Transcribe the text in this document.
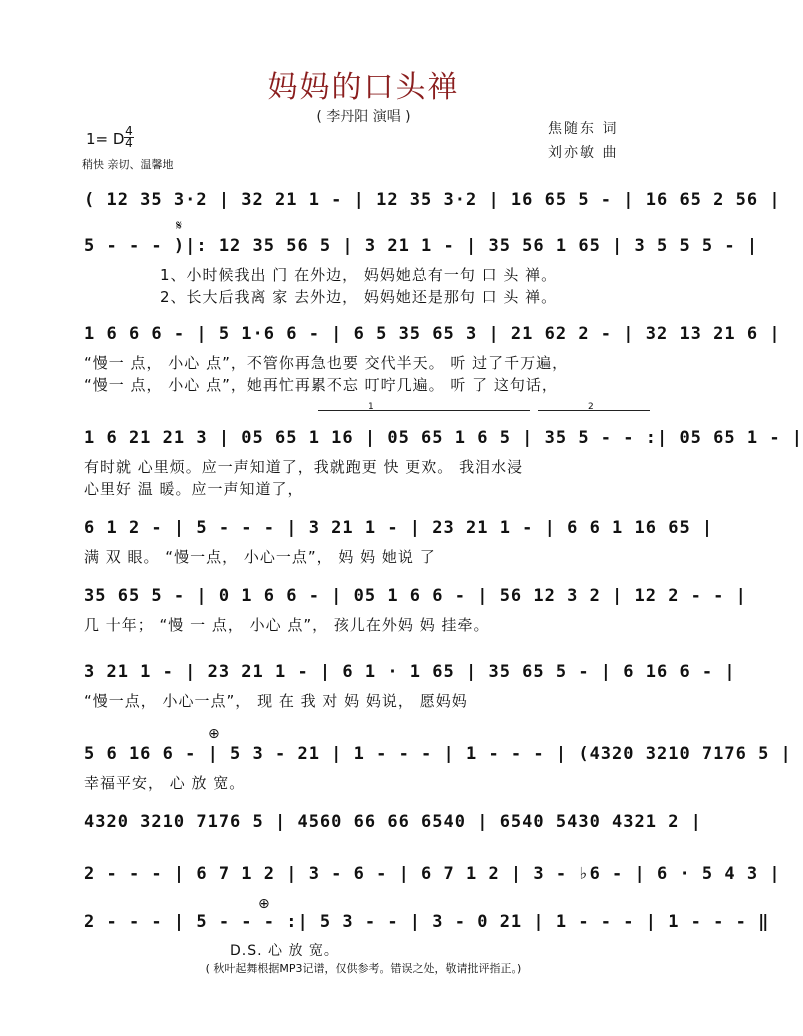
妈妈的口头禅
( 李丹阳 演唱 )
焦随东 词
刘亦敏 曲
1= D 4
4
稍快 亲切、温馨地
( 12 35 3·2 | 32 21 1 - | 12 35 3·2 | 16 65 5 - | 16 65 2 56 |
𝄋
5 - - - )|: 12 35 56 5 | 3 21 1 - | 35 56 1 65 | 3 5 5 5 - |
1、小时候我出 门 在外边， 妈妈她总有一句 口 头 禅。
2、长大后我离 家 去外边， 妈妈她还是那句 口 头 禅。
1 6 6 6 - | 5 1·6 6 - | 6 5 35 65 3 | 21 62 2 - | 32 13 21 6 |
“慢一 点， 小心 点”，不管你再急也要 交代半天。 听 过了千万遍，
“慢一 点， 小心 点”，她再忙再累不忘 叮咛几遍。 听 了 这句话，
1	2
1 6 21 21 3 | 05 65 1 16 | 05 65 1 6 5 | 35 5 - - :| 05 65 1 - |
有时就 心里烦。应一声知道了，我就跑更 快 更欢。 我泪水浸
心里好 温 暖。应一声知道了，
6 1 2 - | 5 - - - | 3 21 1 - | 23 21 1 - | 6 6 1 16 65 |
满 双 眼。 “慢一点， 小心一点”， 妈 妈 她说 了
35 65 5 - | 0 1 6 6 - | 05 1 6 6 - | 56 12 3 2 | 12 2 - - |
几 十年； “慢 一 点， 小心 点”， 孩儿在外妈 妈 挂牵。
3 21 1 - | 23 21 1 - | 6 1 · 1 65 | 35 65 5 - | 6 16 6 - |
“慢一点， 小心一点”， 现 在 我 对 妈 妈说， 愿妈妈
⊕
5 6 16 6 - | 5 3 - 21 | 1 - - - | 1 - - - | (4320 3210 7176 5 |
幸福平安， 心 放 宽。
4320 3210 7176 5 | 4560 66 66 6540 | 6540 5430 4321 2 |
2 - - - | 6 7 1 2 | 3 - 6 - | 6 7 1 2 | 3 - ♭6 - | 6 · 5 4 3 |
⊕
2 - - - | 5 - - - :| 5 3 - - | 3 - 0 21 | 1 - - - | 1 - - - ‖
D.S. 心 放 宽。
( 秋叶起舞根据MP3记谱，仅供参考。错误之处，敬请批评指正。)
